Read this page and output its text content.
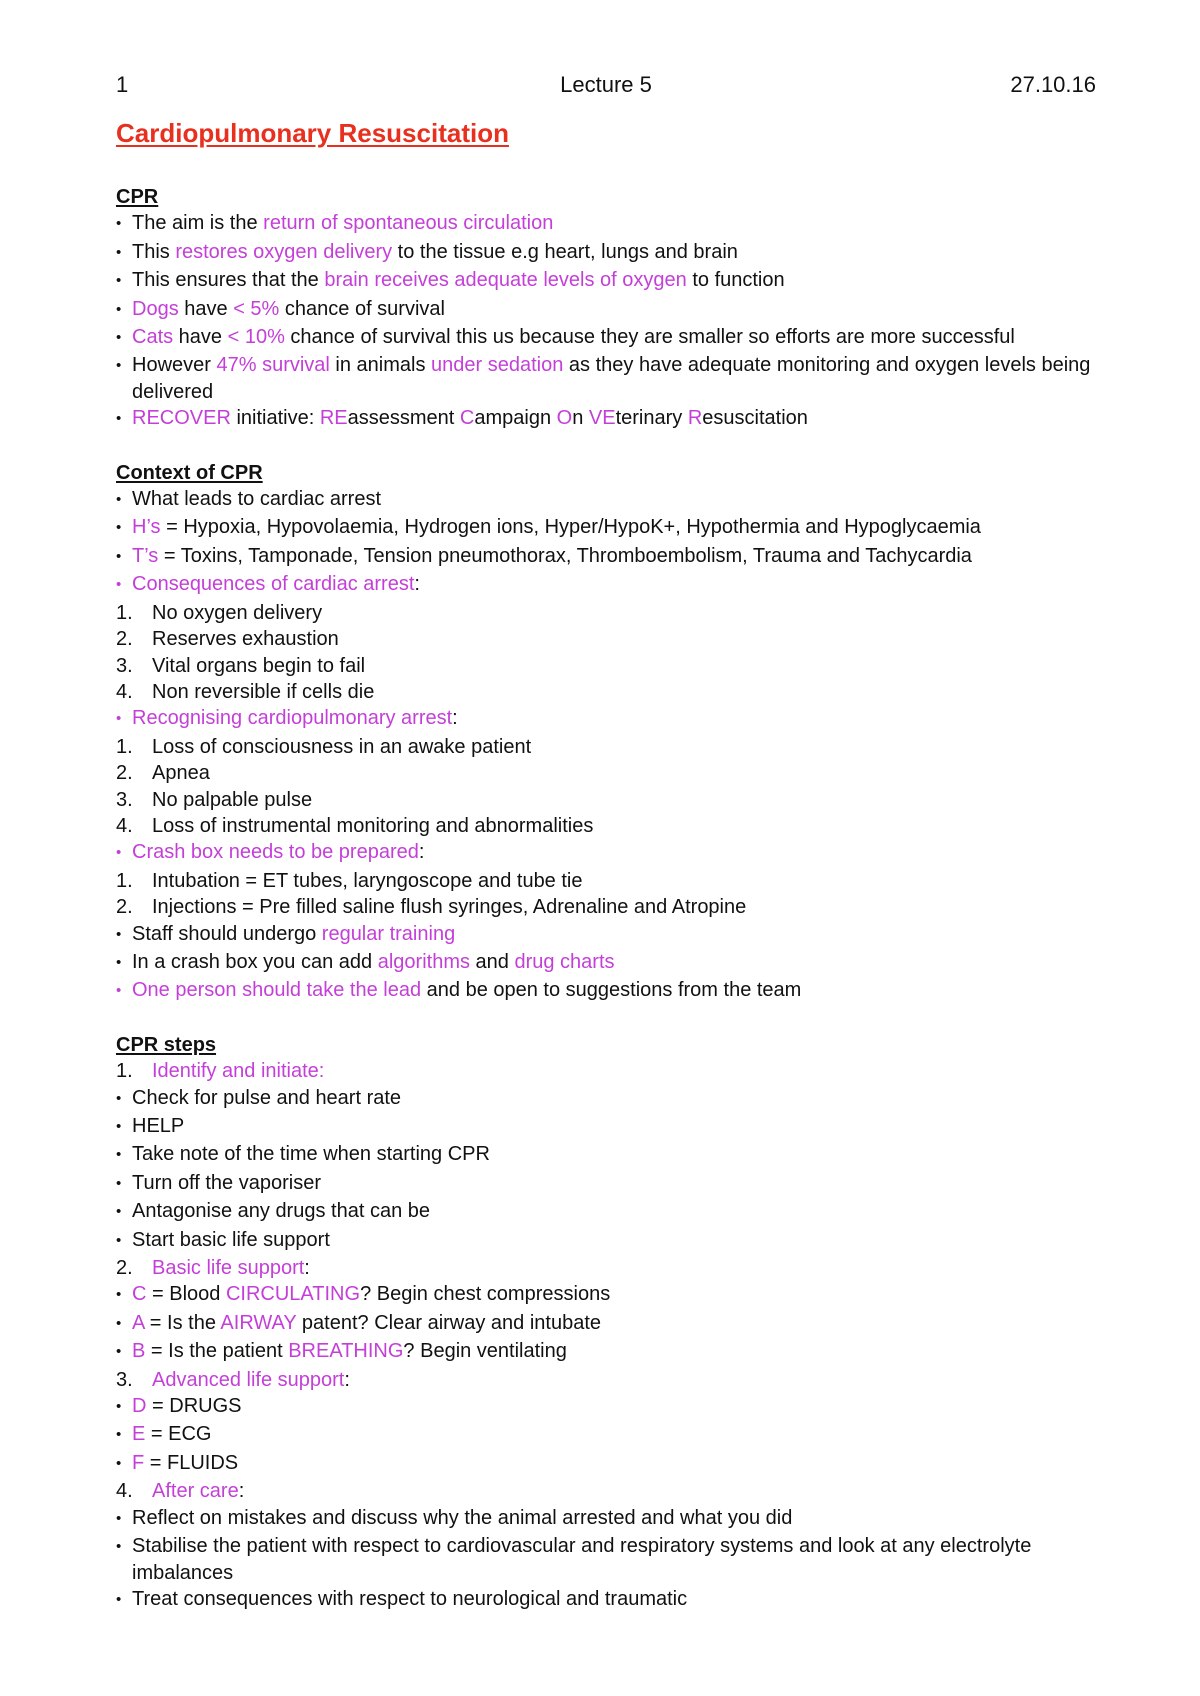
1	Lecture 5	27.10.16
Cardiopulmonary Resuscitation
CPR
• The aim is the return of spontaneous circulation
• This restores oxygen delivery to the tissue e.g heart, lungs and brain
• This ensures that the brain receives adequate levels of oxygen to function
• Dogs have < 5% chance of survival
• Cats have < 10% chance of survival this us because they are smaller so efforts are more successful
• However 47% survival in animals under sedation as they have adequate monitoring and oxygen levels being delivered
• RECOVER initiative: REassessment Campaign On VEterinary Resuscitation
Context of CPR
• What leads to cardiac arrest
• H’s = Hypoxia, Hypovolaemia, Hydrogen ions, Hyper/HypoK+, Hypothermia and Hypoglycaemia
• T’s = Toxins, Tamponade, Tension pneumothorax, Thromboembolism, Trauma and Tachycardia
• Consequences of cardiac arrest:
1. No oxygen delivery
2. Reserves exhaustion
3. Vital organs begin to fail
4. Non reversible if cells die
• Recognising cardiopulmonary arrest:
1. Loss of consciousness in an awake patient
2. Apnea
3. No palpable pulse
4. Loss of instrumental monitoring and abnormalities
• Crash box needs to be prepared:
1. Intubation = ET tubes, laryngoscope and tube tie
2. Injections = Pre filled saline flush syringes, Adrenaline and Atropine
• Staff should undergo regular training
• In a crash box you can add algorithms and drug charts
• One person should take the lead and be open to suggestions from the team
CPR steps
1. Identify and initiate:
• Check for pulse and heart rate
• HELP
• Take note of the time when starting CPR
• Turn off the vaporiser
• Antagonise any drugs that can be
• Start basic life support
2. Basic life support:
• C = Blood CIRCULATING? Begin chest compressions
• A = Is the AIRWAY patent? Clear airway and intubate
• B = Is the patient BREATHING? Begin ventilating
3. Advanced life support:
• D = DRUGS
• E = ECG
• F = FLUIDS
4. After care:
• Reflect on mistakes and discuss why the animal arrested and what you did
• Stabilise the patient with respect to cardiovascular and respiratory systems and look at any electrolyte imbalances
• Treat consequences with respect to neurological and traumatic
